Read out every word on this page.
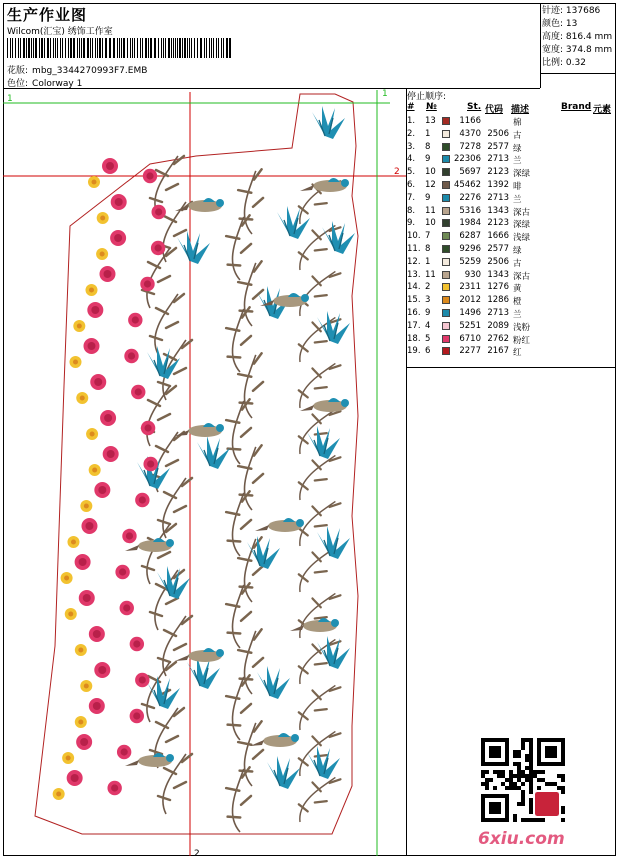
生产作业图
Wilcom(汇宝) 绣饰工作室
花版: mbg_3344270993F7.EMB
色位: Colorway 1
针迹: 137686
颜色: 13
高度: 816.4 mm
宽度: 374.8 mm
比例: 0.32
停止顺序:
# №	St. 代码 描述	Brand 元素
1. 13	1166	棉
2. 1	4370 2506 古
3. 8	7278 2577 绿
4. 9	22306 2713 兰
5. 10	5697 2123 深绿
6. 12 45462 1392 啡
7. 9	2276 2713 兰
8. 11	5316 1343 深古
9. 10	1984 2123 深绿
10. 7	6287 1666 浅绿
11. 8	9296 2577 绿
12. 1	5259 2506 古
13. 11	930 1343 深古
14. 2	2311 1276 黄
15. 3	2012 1286 橙
16. 9	1496 2713 兰
17. 4	5251 2089 浅粉
18. 5	6710 2762 粉红
19. 6	2277 2167 红
1	1
2
2
6xiu.com
